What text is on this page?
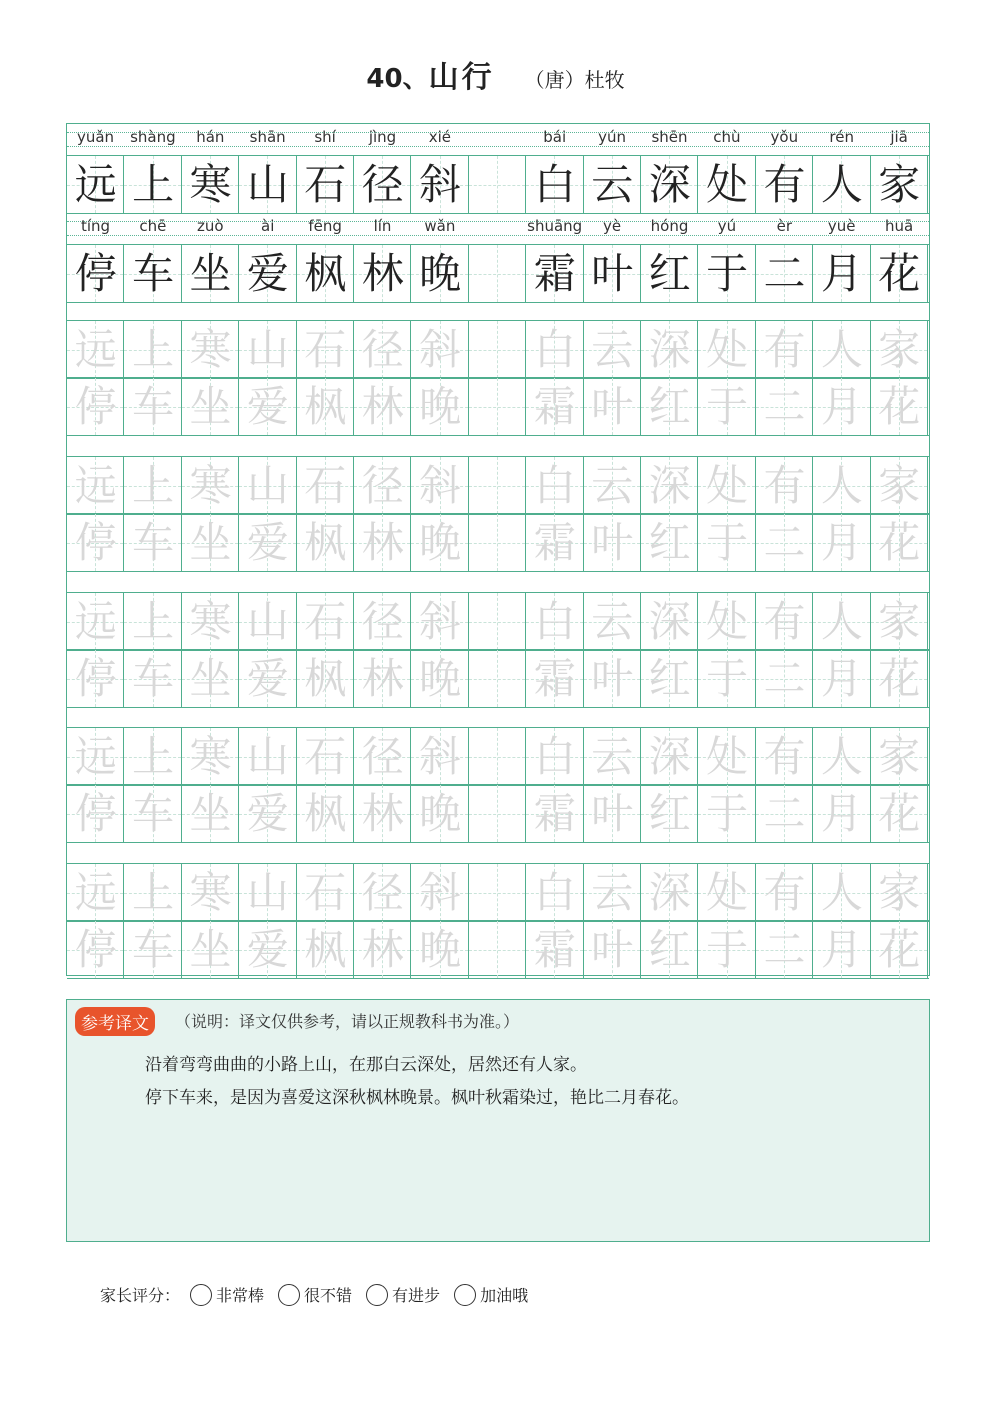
40、山行 （唐）杜牧
yuǎn	shàng	hán	shān	shí	jìng	xié	bái	yún	shēn	chù	yǒu	rén	jiā
远 上 寒 山 石 径 斜 白 云 深 处 有 人 家
tíng	chē	zuò	ài	fēng	lín	wǎn	shuāng	yè	hóng	yú	èr	yuè	huā
停 车 坐 爱 枫 林 晚 霜 叶 红 于 二 月 花
远 上 寒 山 石 径 斜 白 云 深 处 有 人 家
停 车 坐 爱 枫 林 晚 霜 叶 红 于 二 月 花
远 上 寒 山 石 径 斜 白 云 深 处 有 人 家
停 车 坐 爱 枫 林 晚 霜 叶 红 于 二 月 花
远 上 寒 山 石 径 斜 白 云 深 处 有 人 家
停 车 坐 爱 枫 林 晚 霜 叶 红 于 二 月 花
远 上 寒 山 石 径 斜 白 云 深 处 有 人 家
停 车 坐 爱 枫 林 晚 霜 叶 红 于 二 月 花
远 上 寒 山 石 径 斜 白 云 深 处 有 人 家
停 车 坐 爱 枫 林 晚 霜 叶 红 于 二 月 花
参考译文	（说明：译文仅供参考，请以正规教科书为准。）
沿着弯弯曲曲的小路上山，在那白云深处，居然还有人家。
停下车来，是因为喜爱这深秋枫林晚景。枫叶秋霜染过，艳比二月春花。
家长评分： 非常棒	很不错	有进步	加油哦
